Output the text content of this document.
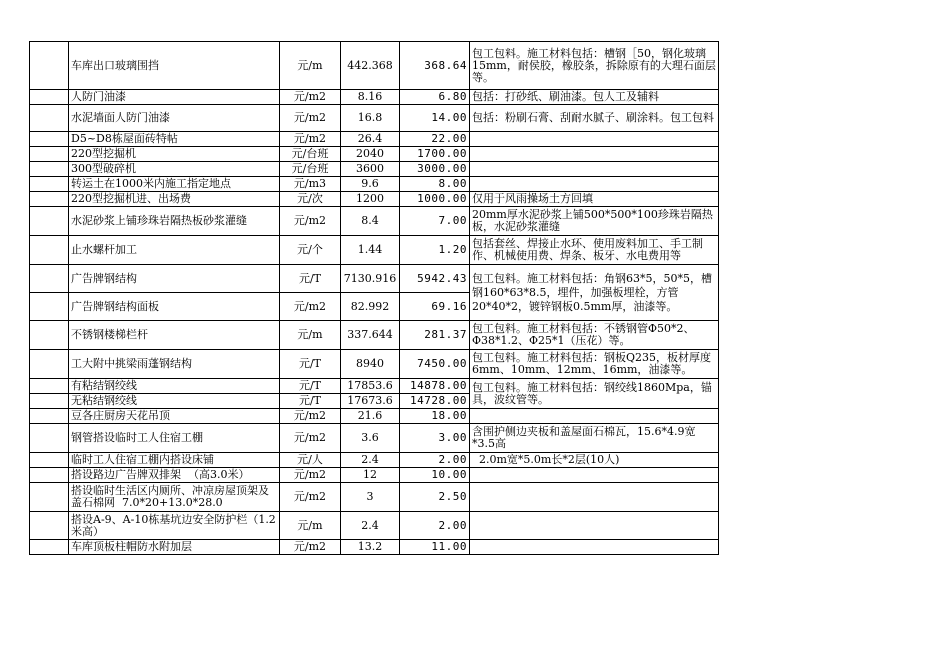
	车库出口玻璃围挡	元/m	442.368	368.64	包工包料。施工材料包括：槽钢［50，钢化玻璃15mm，耐侯胶，橡胶条，拆除原有的大理石面层等。
	人防门油漆	元/m2	8.16	6.80	包括：打砂纸、刷油漆。包人工及辅料
	水泥墙面人防门油漆	元/m2	16.8	14.00	包括：粉刷石膏、刮耐水腻子、刷涂料。包工包料
	D5~D8栋屋面砖特帖	元/m2	26.4	22.00	
	220型挖掘机	元/台班	2040	1700.00	
	300型破碎机	元/台班	3600	3000.00	
	转运土在1000米内施工指定地点	元/m3	9.6	8.00	
	220型挖掘机进、出场费	元/次	1200	1000.00	仅用于风雨操场土方回填
	水泥砂浆上铺珍珠岩隔热板砂浆灌缝	元/m2	8.4	7.00	20mm厚水泥砂浆上铺500*500*100珍珠岩隔热板，水泥砂浆灌缝
	止水螺杆加工	元/个	1.44	1.20	包括套丝、焊接止水环、使用废料加工、手工制作、机械使用费、焊条、板牙、水电费用等
	广告牌钢结构	元/T	7130.916	5942.43	包工包料。施工材料包括：角钢63*5，50*5，槽钢160*63*8.5，埋件，加强板埋栓，方管20*40*2，镀锌钢板0.5mm厚，油漆等。
	广告牌钢结构面板	元/m2	82.992	69.16	
	不锈钢楼梯栏杆	元/m	337.644	281.37	包工包料。施工材料包括：不锈钢管Φ50*2、Φ38*1.2、Φ25*1（压花）等。
	工大附中挑梁雨蓬钢结构	元/T	8940	7450.00	包工包料。施工材料包括：钢板Q235，板材厚度6mm、10mm、12mm、16mm，油漆等。
	有粘结钢绞线	元/T	17853.6	14878.00	包工包料。施工材料包括：钢绞线1860Mpa，锚具，波纹管等。
	无粘结钢绞线	元/T	17673.6	14728.00	
	豆各庄厨房天花吊顶	元/m2	21.6	18.00	
	钢管搭设临时工人住宿工棚	元/m2	3.6	3.00	含围护侧边夹板和盖屋面石棉瓦，15.6*4.9宽*3.5高
	临时工人住宿工棚内搭设床铺	元/人	2.4	2.00	2.0m宽*5.0m长*2层(10人)
	搭设路边广告牌双排架  （高3.0米）	元/m2	12	10.00	
	搭设临时生活区内厕所、冲凉房屋顶架及盖石棉网  7.0*20+13.0*28.0	元/m2	3	2.50	
	搭设A-9、A-10栋基坑边安全防护栏（1.2米高）	元/m	2.4	2.00	
	车库顶板柱帽防水附加层	元/m2	13.2	11.00	
